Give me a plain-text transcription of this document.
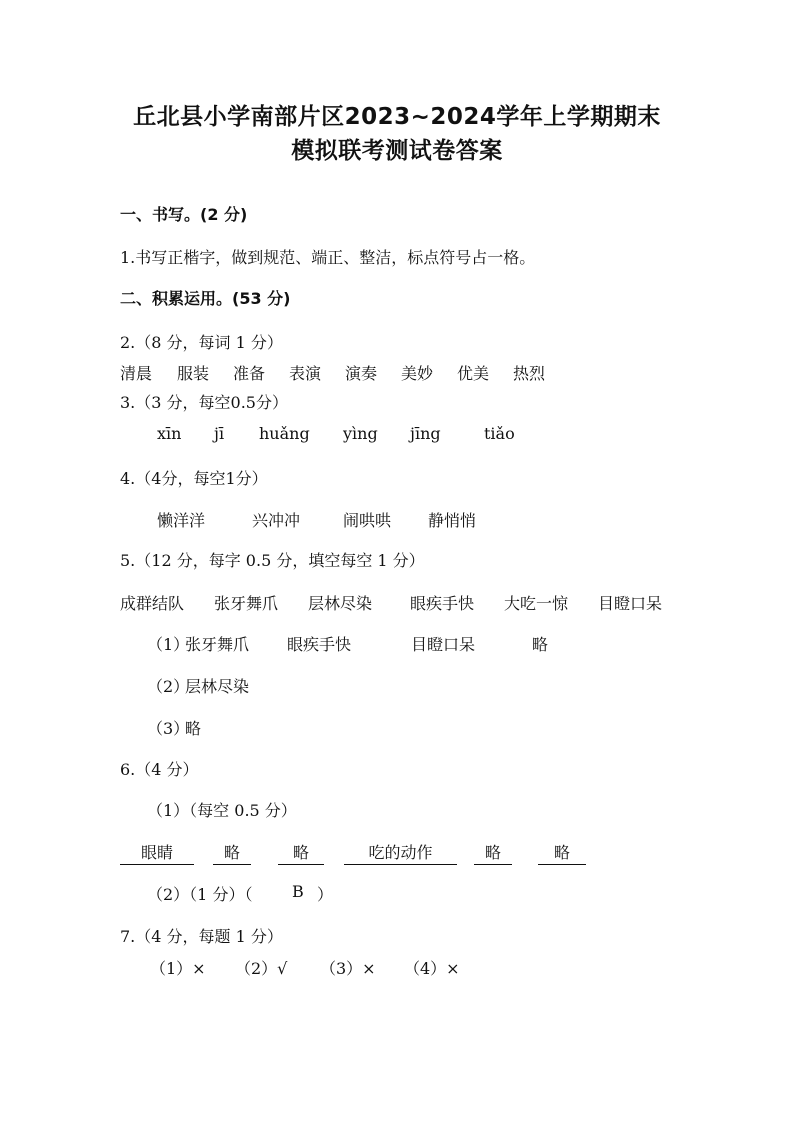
丘北县小学南部片区2023~2024学年上学期期末
模拟联考测试卷答案
一、书写。(2 分)
1.书写正楷字，做到规范、端正、整洁，标点符号占一格。
二、积累运用。(53 分)
2.（8 分，每词 1 分）
清晨 服装 准备 表演 演奏 美妙 优美 热烈
3.（3 分，每空0.5分）
xīn jī huǎng yìng jīng	tiǎo
4.（4分，每空1分）
懒洋洋	兴冲冲	闹哄哄 静悄悄
5.（12 分，每字 0.5 分，填空每空 1 分）
成群结队 张牙舞爪 层林尽染 眼疾手快 大吃一惊 目瞪口呆
（1）
张牙舞爪 眼疾手快	目瞪口呆	略
（2）
层林尽染
（3）
略
6.（4 分）
（1）（每空 0.5 分）
眼睛	略	略	吃的动作	略	略
（2）（1 分）（ B ）
7.（4 分，每题 1 分）
（1）× （2）√ （3）× （4）×
